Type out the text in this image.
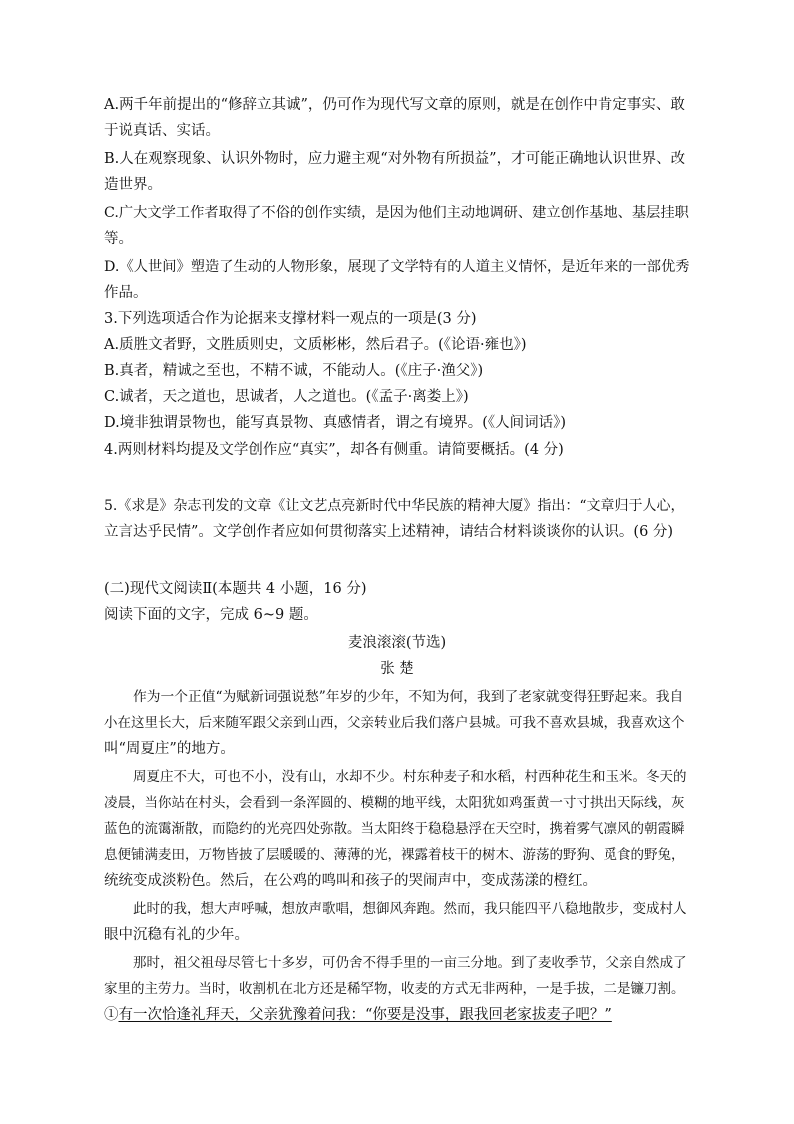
A.两千年前提出的“修辞立其诚”，仍可作为现代写文章的原则，就是在创作中肯定事实、敢
于说真话、实话。
B.人在观察现象、认识外物时，应力避主观“对外物有所损益”，才可能正确地认识世界、改
造世界。
C.广大文学工作者取得了不俗的创作实绩，是因为他们主动地调研、建立创作基地、基层挂职
等。
D.《人世间》塑造了生动的人物形象，展现了文学特有的人道主义情怀，是近年来的一部优秀
作品。
3.下列选项适合作为论据来支撑材料一观点的一项是(3 分)
A.质胜文者野，文胜质则史，文质彬彬，然后君子。(《论语·雍也》)
B.真者，精诚之至也，不精不诚，不能动人。(《庄子·渔父》)
C.诚者，天之道也，思诚者，人之道也。(《孟子·离娄上》)
D.境非独谓景物也，能写真景物、真感情者，谓之有境界。(《人间词话》)
4.两则材料均提及文学创作应“真实”，却各有侧重。请简要概括。(4 分)
5.《求是》杂志刊发的文章《让文艺点亮新时代中华民族的精神大厦》指出：“文章归于人心，
立言达乎民情”。文学创作者应如何贯彻落实上述精神，请结合材料谈谈你的认识。(6 分)
(二)现代文阅读Ⅱ(本题共 4 小题，16 分)
阅读下面的文字，完成 6~9 题。
麦浪滚滚(节选)
张 楚
作为一个正值“为赋新词强说愁”年岁的少年，不知为何，我到了老家就变得狂野起来。我自
小在这里长大，后来随军跟父亲到山西，父亲转业后我们落户县城。可我不喜欢县城，我喜欢这个
叫“周夏庄”的地方。
周夏庄不大，可也不小，没有山，水却不少。村东种麦子和水稻，村西种花生和玉米。冬天的
凌晨，当你站在村头，会看到一条浑圆的、模糊的地平线，太阳犹如鸡蛋黄一寸寸拱出天际线，灰
蓝色的流霭渐散，而隐约的光亮四处弥散。当太阳终于稳稳悬浮在天空时，携着雾气凛风的朝霞瞬
息便铺满麦田，万物皆披了层暖暖的、薄薄的光，裸露着枝干的树木、游荡的野狗、觅食的野兔，
统统变成淡粉色。然后，在公鸡的鸣叫和孩子的哭闹声中，变成荡漾的橙红。
此时的我，想大声呼喊，想放声歌唱，想御风奔跑。然而，我只能四平八稳地散步，变成村人
眼中沉稳有礼的少年。
那时，祖父祖母尽管七十多岁，可仍舍不得手里的一亩三分地。到了麦收季节，父亲自然成了
家里的主劳力。当时，收割机在北方还是稀罕物，收麦的方式无非两种，一是手拔，二是镰刀割。
①有一次恰逢礼拜天，父亲犹豫着问我：“你要是没事，跟我回老家拔麦子吧？”
